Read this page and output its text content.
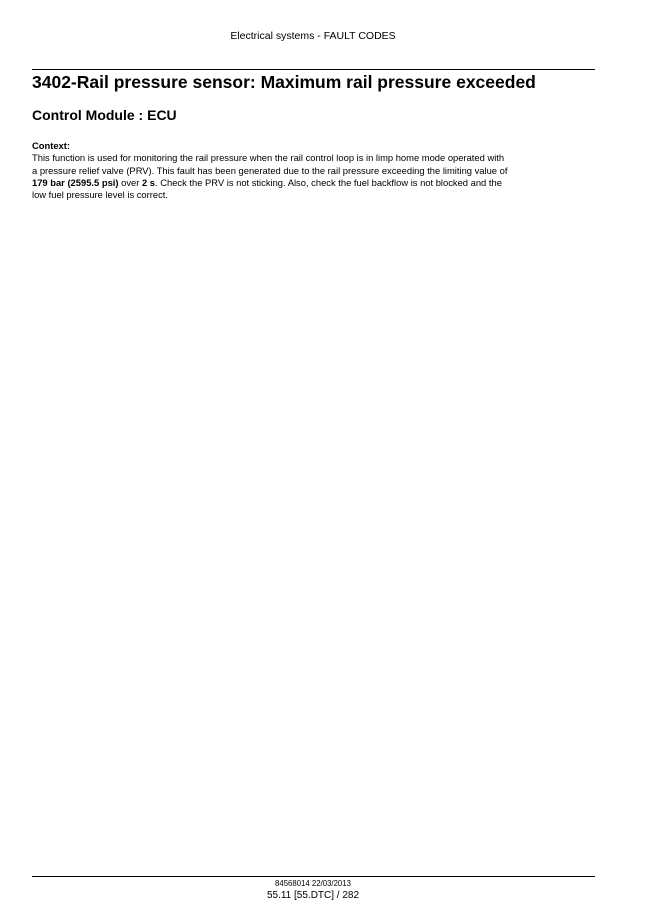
Electrical systems - FAULT CODES
3402-Rail pressure sensor: Maximum rail pressure exceeded
Control Module : ECU

Context:

This function is used for monitoring the rail pressure when the rail control loop is in limp home mode operated with
a pressure relief valve (PRV). This fault has been generated due to the rail pressure exceeding the limiting value of
179 bar (2595.5 psi) over 2 s. Check the PRV is not sticking. Also, check the fuel backflow is not blocked and the
low fuel pressure level is correct.

84568014 22/03/2013
55.11 [55.DTC] / 282
